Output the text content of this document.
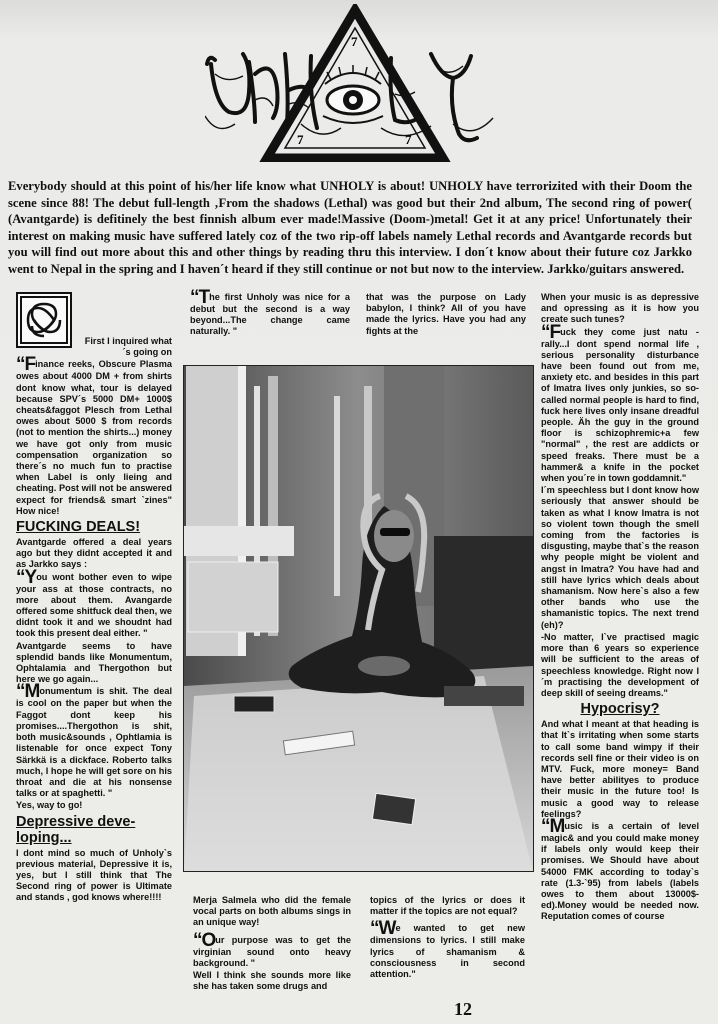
7
7	7

Everybody should at this point of his/her life know what UNHOLY is about! UNHOLY have terrorizited with their Doom the scene since 88! The debut full-length ‚From the shadows (Lethal) was good but their 2nd album, The second ring of power( (Avantgarde) is defitinely the best finnish album ever made!Massive (Doom-)metal! Get it at any price! Unfortunately their interest on making music have suffered lately coz of the two rip-off labels namely Lethal records and Avantgarde records but you will find out more about this and other things by reading thru this interview. I don´t know about their future coz Jarkko went to Nepal in the spring and I haven´t heard if they still continue or not but now to the interview. Jarkko/guitars answered.

First I inquired what´s going on

“Finance reeks, Obscure Plasma owes about 4000 DM + from shirts dont know what, tour is delayed because SPV´s 5000 DM+ 1000$ cheats&faggot Plesch from Lethal owes about 5000 $ from records (not to mention the shirts...) money we have got only from music compensation organization so there´s no much fun to practise when Label is only lieing and cheating. Post will not be answered expect for friends& smart `zines" How nice!

FUCKING DEALS!

Avantgarde offered a deal years ago but they didnt accepted it and as Jarkko says :

“You wont bother even to wipe your ass at those contracts, no more about them. Avangarde offered some shitfuck deal then, we didnt took it and we shoudnt had took this present deal either. "

Avantgarde seems to have splendid bands like Monumentum, Ophtalamia and Thergothon but here we go again...

“Monumentum is shit. The deal is cool on the paper but when the Faggot dont keep his promises....Thergothon is shit, both music&sounds , Ophtlamia is listenable for once expect Tony Särkkä is a dickface. Roberto talks much, I hope he will get sore on his throat and die at his nonsense talks or at spaghetti. "

Yes, way to go!

Depressive deve- loping...

I dont mind so much of Unholy`s previous material, Depressive it is, yes, but I still think that The Second ring of power is Ultimate and stands , god knows where!!!!

“The first Unholy was nice for a debut but the second is a way beyond...The change came naturally. "

that was the purpose on Lady babylon, I think? All of you have made the lyrics. Have you had any fights at the

Merja Salmela who did the female vocal parts on both albums sings in an unique way!

“Our purpose was to get the virginian sound onto heavy background. "

Well I think she sounds more like she has taken some drugs and

topics of the lyrics or does it matter if the topics are not equal?

“We wanted to get new dimensions to lyrics. I still make lyrics of shamanism & consciousness in second attention."

When your music is as depressive and opressing as it is how you create such tunes?

“Fuck they come just natu - rally...I dont spend normal life , serious personality disturbance have been found out from me, anxiety etc. and besides in this part of Imatra lives only junkies, so so-called normal people is hard to find, fuck here lives only insane dreadful people. Äh the guy in the ground floor is schizophremic+a few "normal" , the rest are addicts or speed freaks. There must be a hammer& a knife in the pocket when you´re in town goddamnit."

I´m speechless but I dont know how seriously that answer should be taken as what I know Imatra is not so violent town though the smell coming from the factories is disgusting, maybe that`s the reason why people might be violent and angst in Imatra? You have had and still have lyrics which deals about shamanism. Now here`s also a few other bands who use the shamanistic topics. The next trend (eh)?

-No matter, I`ve practised magic more than 6 years so experience will be sufficient to the areas of speechless knowledge. Right now I´m practising the development of deep skill of seeing dreams."

Hypocrisy?

And what I meant at that heading is that It`s irritating when some starts to call some band wimpy if their records sell fine or their video is on MTV. Fuck, more money= Band have better abilityes to produce their music in the future too! Is music a good way to release feelings?

“Music is a certain of level magic& and you could make money if labels only would keep their promises. We Should have about 54000 FMK according to today`s rate (1.3-`95) from labels (labels owes to them about 13000$- ed).Money would be needed now. Reputation comes of course

12
